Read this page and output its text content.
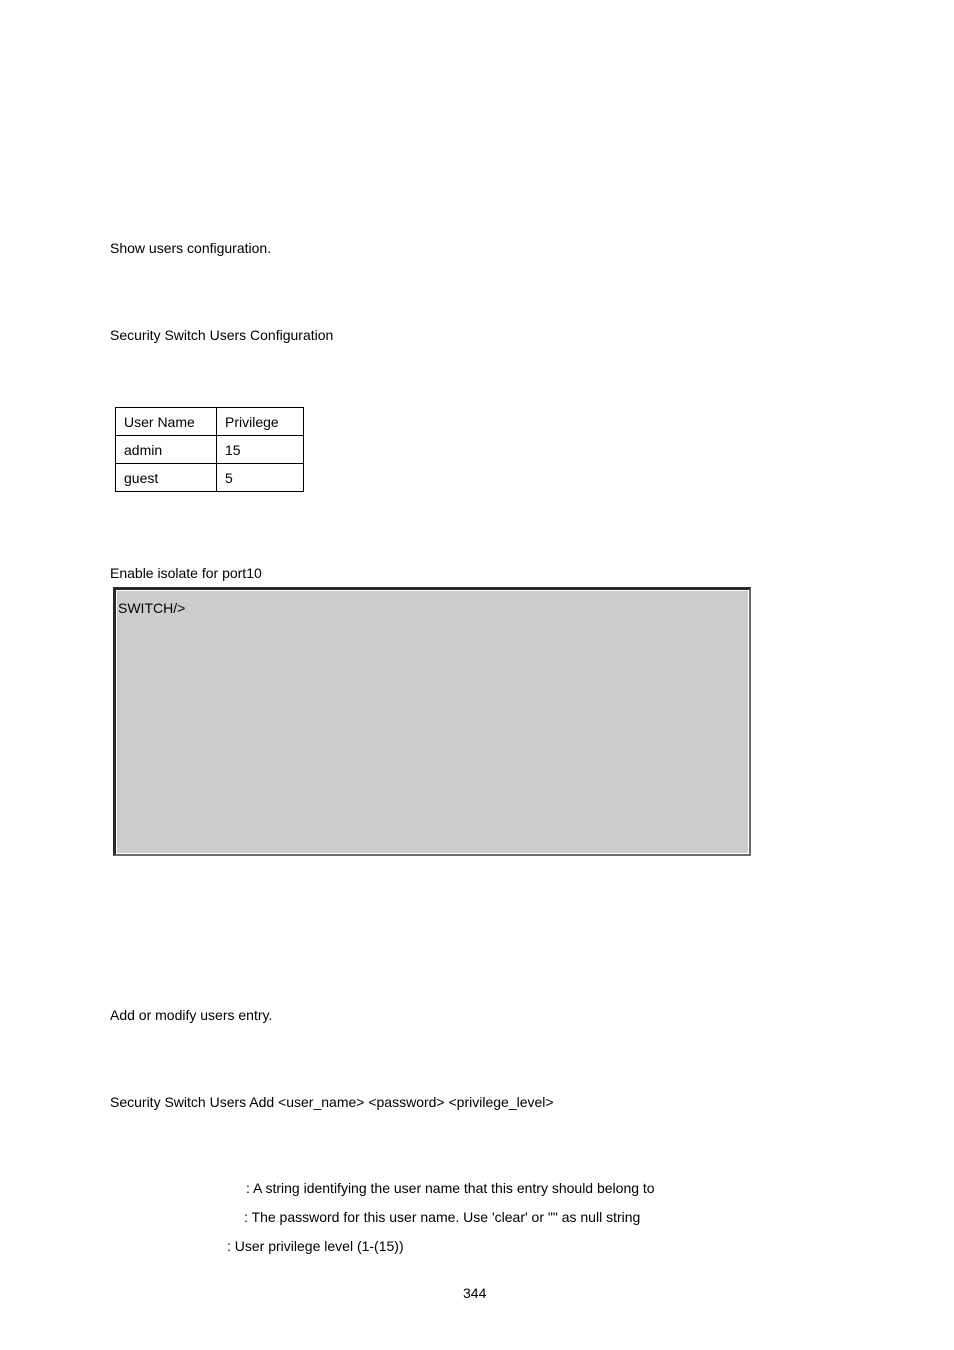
Show users configuration.
Security Switch Users Configuration
User Name	Privilege
admin	15
guest	5
Enable isolate for port10
SWITCH/>
Add or modify users entry.
Security Switch Users Add <user_name> <password> <privilege_level>
: A string identifying the user name that this entry should belong to
: The password for this user name. Use 'clear' or "" as null string
: User privilege level (1-(15))
344
